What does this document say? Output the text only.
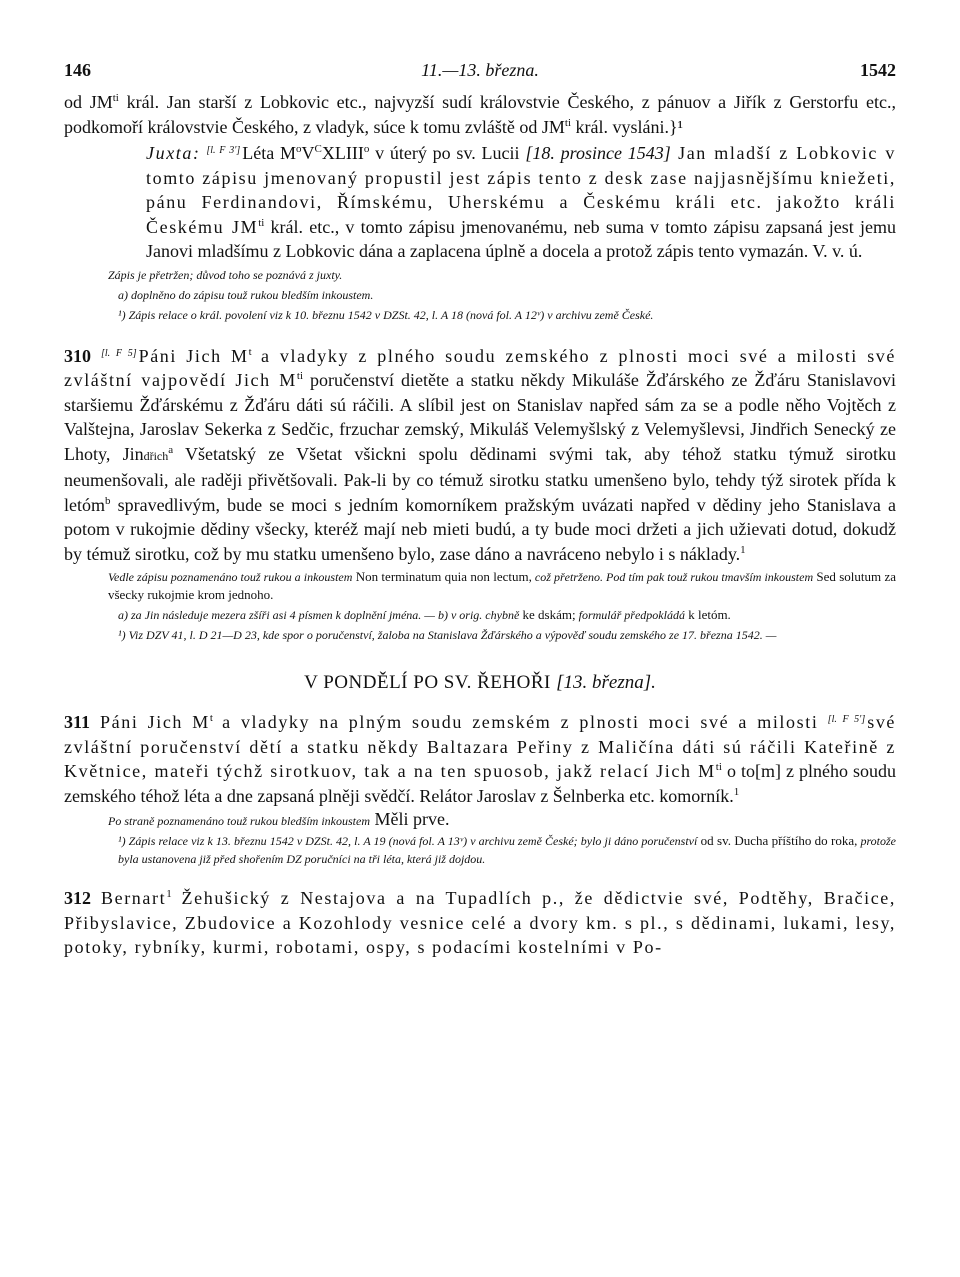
146	11.—13. března.	1542

od $JM^{ti}$ král. Jan starší z Lobkovic etc., najvyzší sudí královstvie Českého, z pánuov a Jiřík z Gerstorfu etc., podkomoří královstvie Českého, z vladyk, súce k tomu zvláště od $JM^{ti}$ král. vysláni.}¹

Juxta: [l. F 3'] Léta $M^oV^CXLIII^o$ v úterý po sv. Lucii [18. prosince 1543] Jan mladší z Lobkovic v tomto zápisu jmenovaný propustil jest zápis tento z desk zase najjasnějšímu kniežeti, pánu Ferdinandovi, Římskému, Uherskému a Českému králi etc. jakožto králi Českému $JM^{ti}$ král. etc., v tomto zápisu jmenovanému, neb suma v tomto zápisu zapsaná jest jemu Janovi mladšímu z Lobkovic dána a zaplacena úplně a docela a protož zápis tento vymazán. V. v. ú.

Zápis je přetržen; důvod toho se poznává z juxty.

a) doplněno do zápisu touž rukou bledším inkoustem.

¹) Zápis relace o král. povolení viz k 10. březnu 1542 v DZSt. 42, l. A 18 (nová fol. A 12ᵛ) v archivu země České.

310 [l. F 5] Páni Jich $M^t$ a vladyky z plného soudu zemského z plnosti moci své a milosti své zvláštní vajpovědí Jich $M^{ti}$ poručenství dietěte a statku někdy Mikuláše Žďárského ze Žďáru Stanislavovi staršiemu Žďárskému z Žďáru dáti sú ráčili. A slíbil jest on Stanislav napřed sám za se a podle něho Vojtěch z Valštejna, Jaroslav Sekerka z Sedčic, frzuchar zemský, Mikuláš Velemyšlský z Velemyšlevsi, Jindřich Senecký ze Lhoty, Jindřich$^a$ Všetatský ze Všetat všickni spolu dědinami svými tak, aby téhož statku týmuž sirotku neumenšovali, ale raději přivětšovali. Pak-li by co témuž sirotku statku umenšeno bylo, tehdy týž sirotek přída k letóm$^b$ spravedlivým, bude se moci s jedním komorníkem pražským uvázati napřed v dědiny jeho Stanislava a potom v rukojmie dědiny všecky, kteréž mají neb mieti budú, a ty bude moci držeti a jich užievati dotud, dokudž by témuž sirotku, což by mu statku umenšeno bylo, zase dáno a navráceno nebylo i s náklady.$^1$

Vedle zápisu poznamenáno touž rukou a inkoustem Non terminatum quia non lectum, což přetrženo. Pod tím pak touž rukou tmavším inkoustem Sed solutum za všecky rukojmie krom jednoho.

a) za Jin následuje mezera zšíři asi 4 písmen k doplnění jména. — b) v orig. chybně ke dskám; formulář předpokládá k letóm.

¹) Viz DZV 41, l. D 21—D 23, kde spor o poručenství, žaloba na Stanislava Žďárského a výpověď soudu zemského ze 17. března 1542. —

V PONDĚLÍ PO SV. ŘEHOŘI [13. března].

311 Páni Jich $M^t$ a vladyky na plným soudu zemském z plnosti moci své a milosti [l. F 5'] své zvláštní poručenství dětí a statku někdy Baltazara Peřiny z Maličína dáti sú ráčili Kateřině z Květnice, mateři týchž sirotkuov, tak a na ten spuosob, jakž relací Jich $M^{ti}$ o to[m] z plného soudu zemského téhož léta a dne zapsaná plněji svědčí. Relátor Jaroslav z Šelnberka etc. komorník.$^1$

Po straně poznamenáno touž rukou bledším inkoustem Měli prve.

¹) Zápis relace viz k 13. březnu 1542 v DZSt. 42, l. A 19 (nová fol. A 13ᵛ) v archivu země České; bylo ji dáno poručenství od sv. Ducha příštího do roka, protože byla ustanovena již před shořením DZ poručníci na tři léta, která již dojdou.

312 Bernart$^1$ Žehušický z Nestajova a na Tupadlích p., že dědictvie své, Podtěhy, Bračice, Přibyslavice, Zbudovice a Kozohlody vesnice celé a dvory km. s pl., s dědinami, lukami, lesy, potoky, rybníky, kurmi, robotami, ospy, s podacími kostelními v Po-
